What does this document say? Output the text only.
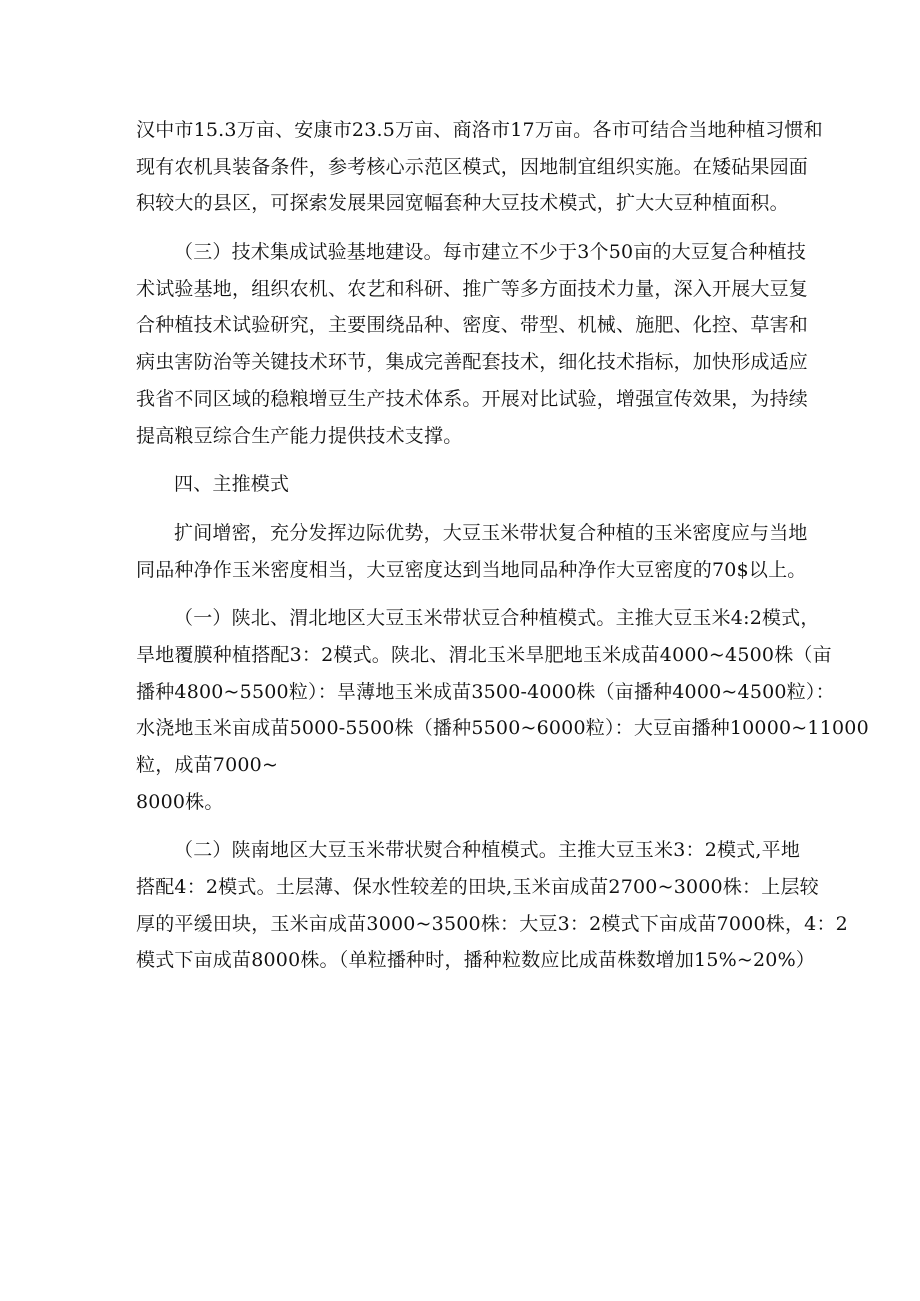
汉中市15.3万亩、安康市23.5万亩、商洛市17万亩。各市可结合当地种植习惯和
现有农机具装备条件，参考核心示范区模式，因地制宜组织实施。在矮砧果园面
积较大的县区，可探索发展果园宽幅套种大豆技术模式，扩大大豆种植面积。
（三）技术集成试验基地建设。每市建立不少于3个50亩的大豆复合种植技
术试验基地，组织农机、农艺和科研、推广等多方面技术力量，深入开展大豆复
合种植技术试验研究，主要围绕品种、密度、带型、机械、施肥、化控、草害和
病虫害防治等关键技术环节，集成完善配套技术，细化技术指标，加快形成适应
我省不同区域的稳粮增豆生产技术体系。开展对比试验，增强宣传效果，为持续
提高粮豆综合生产能力提供技术支撑。
四、主推模式
扩间增密，充分发挥边际优势，大豆玉米带状复合种植的玉米密度应与当地
同品种净作玉米密度相当，大豆密度达到当地同品种净作大豆密度的70$以上。
（一）陕北、渭北地区大豆玉米带状豆合种植模式。主推大豆玉米4:2模式，
旱地覆膜种植搭配3：2模式。陕北、渭北玉米旱肥地玉米成苗4000~4500株（亩
播种4800~5500粒）：旱薄地玉米成苗3500-4000株（亩播种4000~4500粒）：
水浇地玉米亩成苗5000-5500株（播种5500~6000粒）：大豆亩播种10000~11000
粒，成苗7000~
8000株。
（二）陕南地区大豆玉米带状熨合种植模式。主推大豆玉米3：2模式,平地
搭配4：2模式。土层薄、保水性较差的田块,玉米亩成苗2700~3000株：上层较
厚的平缓田块，玉米亩成苗3000~3500株：大豆3：2模式下亩成苗7000株，4：2
模式下亩成苗8000株。（单粒播种时，播种粒数应比成苗株数增加15%~20%）
